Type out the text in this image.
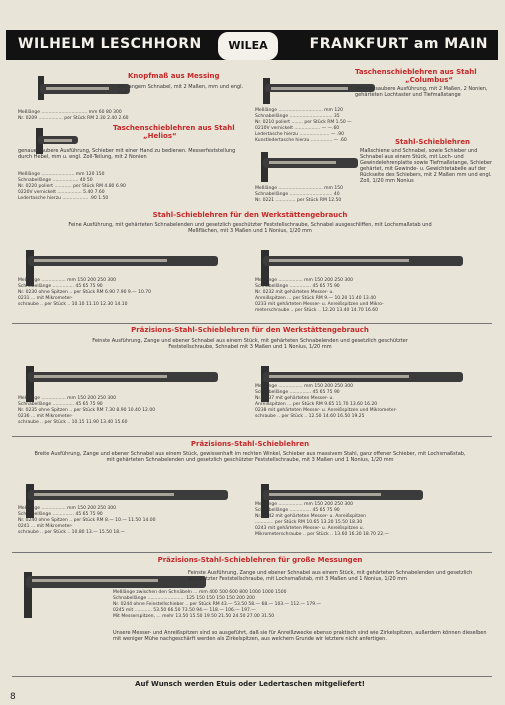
WILHELM LESCHHORN	WILEA	FRANKFURT am MAIN
Knopfmaß aus Messing
Mit langem Schnabel, mit 2 Maßen, mm und engl. Zoll
Meßlänge ................................ mm 60 80 300
Nr. 0209 ................. per Stück RM 2.30 2.40 2.60
Taschenschieblehren aus Stahl
„Helios“
genaue saubere Ausführung, Schieber mit einer Hand zu bedienen. Messerfeststellung durch Hebel, mm u. engl. Zoll-Teilung, mit 2 Nonien
Meßlänge ....................... mm 120 150
Schnabellänge .................. 40 50
Nr. 0220 poliert ............ per Stück RM 4.80 6.90
0220V vernickelt ................. 5.40 7.60
Ledertasche hierzu .................. .90 1.50
Taschenschieblehren aus Stahl
„Columbus“
genaue saubere Ausführung, mit 2 Maßen, 2 Nonien, gehärteten Lochtaster und Tiefmaßstange
Meßlänge ............................... mm 120
Schnabellänge .............................. 35
Nr. 0210 poliert ........ per Stück RM 1.50 —
0210V vernickelt .................. — —.60
Ledertasche hierzu ..................... — .90
Kunstledertasche hierzu ............... — .60	Stahl-Schieblehren
Maßschiene und Schnabel, sowie Schieber und Schnabel aus einem Stück, mit Loch- und Gewindelehrenplatte sowie Tiefmaßstange, Schieber gehärtet, mit Gewinde- u. Gewichtetabelle auf der Rückseite des Schiebers, mit 2 Maßen mm und engl. Zoll, 1/20 mm Nonius
Meßlänge ............................... mm 150
Schnabellänge .............................. 40
Nr. 0221 .............. per Stück RM 12.50
Stahl-Schieblehren für den Werkstättengebrauch
Feine Ausführung, mit gehärteten Schnabelenden und gesetzlich geschützter Feststellschraube, Schnabel ausgeschliffen, mit Lochsmaßstab und Meßflächen, mit 3 Maßen und 1 Nonius, 1/20 mm
Meßlänge ................. mm 150 200 250 300
Schnabellänge ............... 45 65 75 90
Nr. 0230 ohne Spitzen .. per Stück RM 6.90 7.90 9.— 10.70
0231 ... mit Mikrometer-
schraube .. per Stück .. 10.10 11.10 12.30 14.10
Meßlänge ................. mm 150 200 250 300
Schnabellänge ............... 45 65 75 90
Nr. 0232 mit gehärteten Messer- u.
Anreißspitzen ... per Stück RM 9.— 10.20 11.40 13.40
0233 mit gehärteten Messer- u. Anreißspitzen und Mikro-
meterschraube .. per Stück .. 12.20 13.40 14.70 16.60
Präzisions-Stahl-Schieblehren für den Werkstättengebrauch
Feinste Ausführung, Zange und ebener Schnabel aus einem Stück, mit gehärteten Schnabelenden und gesetzlich geschützter Feststellschraube, Schnabel mit 3 Maßen und 1 Nonius, 1/20 mm
Meßlänge ................. mm 150 200 250 300
Schnabellänge ............... 45 65 75 90
Nr. 0235 ohne Spitzen .. per Stück RM 7.30 8.90 10.40 12.00
0236 ... mit Mikrometer-
schraube .. per Stück .. 10.15 11.90 13.40 15.60
Meßlänge ................. mm 150 200 250 300
Schnabellänge ............... 45 65 75 90
Nr. 0237 mit gehärteten Messer- u.
Anreißspitzen ... per Stück RM 9.65 11.70 13.60 16.20
0238 mit gehärteten Messer- u. Anreißspitzen und Mikrometer-
schraube .. per Stück .. 12.50 14.60 16.50 19.25
Präzisions-Stahl-Schieblehren
Breite Ausführung, Zange und ebener Schnabel aus einem Stück, gewissenhaft im rechten Winkel, Schieber aus massivem Stahl, ganz offener Schieber, mit Lochsmaßstab, mit gehärteten Schnabelenden und gesetzlich geschützter Feststellschraube, mit 3 Maßen und 1 Nonius, 1/20 mm
Meßlänge ................. mm 150 200 250 300
Schnabellänge ............... 45 65 75 90
Nr. 0240 ohne Spitzen .. per Stück RM 8.— 10.— 11.50 14.00
0241 ... mit Mikrometer-
schraube .. per Stück .. 10.80 13.— 15.50 18.—
Meßlänge ................. mm 150 200 250 300
Schnabellänge ............... 45 65 75 90
Nr. 0242 mit gehärteten Messer- u. Anreißspitzen
............. per Stück RM 10.65 13.20 15.50 18.30
0243 mit gehärteten Messer- u. Anreißspitzen u.
Mikrometerschraube .. per Stück .. 13.60 16.30 18.70 22.—
Präzisions-Stahl-Schieblehren für große Messungen
Feinste Ausführung, Zange und ebener Schnabel aus einem Stück, mit gehärteten Schnabelenden und gesetzlich geschützter Feststellschraube, mit Lochsmaßstab, mit 3 Maßen und 1 Nonius, 1/20 mm
Meßlänge zwischen den Schnäbeln ... mm 400 500 600 800 1000 1000 1500
Schnabellänge .......................... 125 150 150 150 150 200 200
Nr. 0244 ohne Feinstellschieber .. per Stück RM 43.— 53.50 58.— 68.— 103.— 112.— 179.—
0245 mit ............ 53.50 66.50 73.50 94.— 118.— 106.— 197.—
Mit Messerspitzen, ... mehr 13.50 15.50 19.50 21.50 24.50 27.00 31.50
Unsere Messer- und Anreißspitzen sind so ausgeführt, daß sie für Anreißzwecke ebenso praktisch sind wie Zirkelspitzen, außerdem können dieselben mit weniger Mühe nachgeschärft werden als Zirkelspitzen, aus welchem Grunde wir letztere nicht anfertigen.
Auf Wunsch werden Etuis oder Ledertaschen mitgeliefert!
8
